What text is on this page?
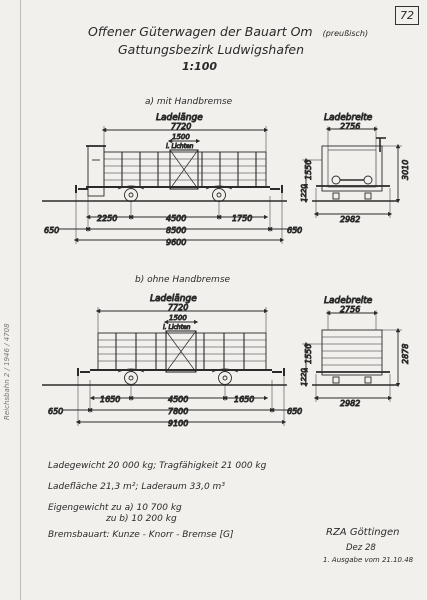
Reichsbahn 2 / 1946 / 4708
72
Offener Güterwagen der Bauart Om (preußisch)
Gattungsbezirk Ludwigshafen
1:100
a) mit Handbremse
b) ohne Handbremse
Ladelänge
7720
1500
i. Lichten
2250	4500	1750
650	8500	650
9600
Ladebreite
2756
2982
1550
1220
3010
Ladelänge
7720
1500
i. Lichten
1650	4500	1650
650	7800	650
9100
Ladebreite
2756
2982
1550
1220
2878
Ladegewicht 20 000 kg; Tragfähigkeit 21 000 kg
Ladefläche 21,3 m²; Laderaum 33,0 m³
Eigengewicht zu a) 10 700 kg
zu b) 10 200 kg
Bremsbauart: Kunze - Knorr - Bremse [G]	RZA Göttingen
Dez 28
1. Ausgabe vom 21.10.48
